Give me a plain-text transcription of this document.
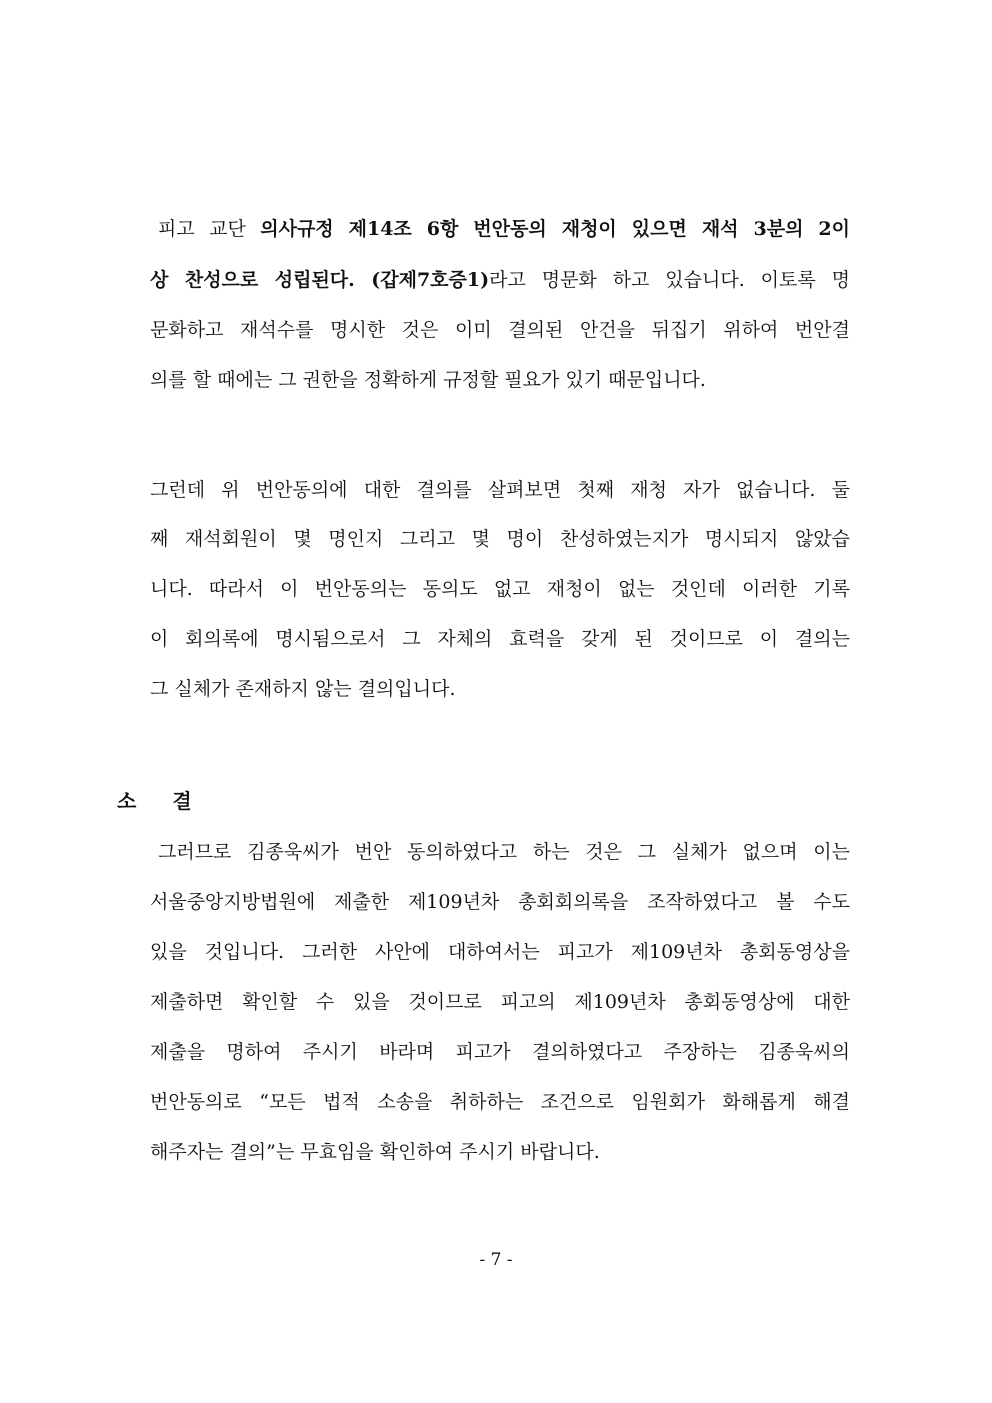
피고 교단 의사규정 제14조 6항 번안동의 재청이 있으면 재석 3분의 2이
상 찬성으로 성립된다. (갑제7호증1)라고 명문화 하고 있습니다. 이토록 명
문화하고 재석수를 명시한 것은 이미 결의된 안건을 뒤집기 위하여 번안결
의를 할 때에는 그 권한을 정확하게 규정할 필요가 있기 때문입니다.
그런데 위 번안동의에 대한 결의를 살펴보면 첫째 재청 자가 없습니다. 둘
째 재석회원이 몇 명인지 그리고 몇 명이 찬성하였는지가 명시되지 않았습
니다. 따라서 이 번안동의는 동의도 없고 재청이 없는 것인데 이러한 기록
이 회의록에 명시됨으로서 그 자체의 효력을 갖게 된 것이므로 이 결의는
그 실체가 존재하지 않는 결의입니다.
소 결
그러므로 김종욱씨가 번안 동의하였다고 하는 것은 그 실체가 없으며 이는
서울중앙지방법원에 제출한 제109년차 총회회의록을 조작하였다고 볼 수도
있을 것입니다. 그러한 사안에 대하여서는 피고가 제109년차 총회동영상을
제출하면 확인할 수 있을 것이므로 피고의 제109년차 총회동영상에 대한
제출을 명하여 주시기 바라며 피고가 결의하였다고 주장하는 김종욱씨의
번안동의로 “모든 법적 소송을 취하하는 조건으로 임원회가 화해롭게 해결
해주자는 결의”는 무효임을 확인하여 주시기 바랍니다.
- 7 -
